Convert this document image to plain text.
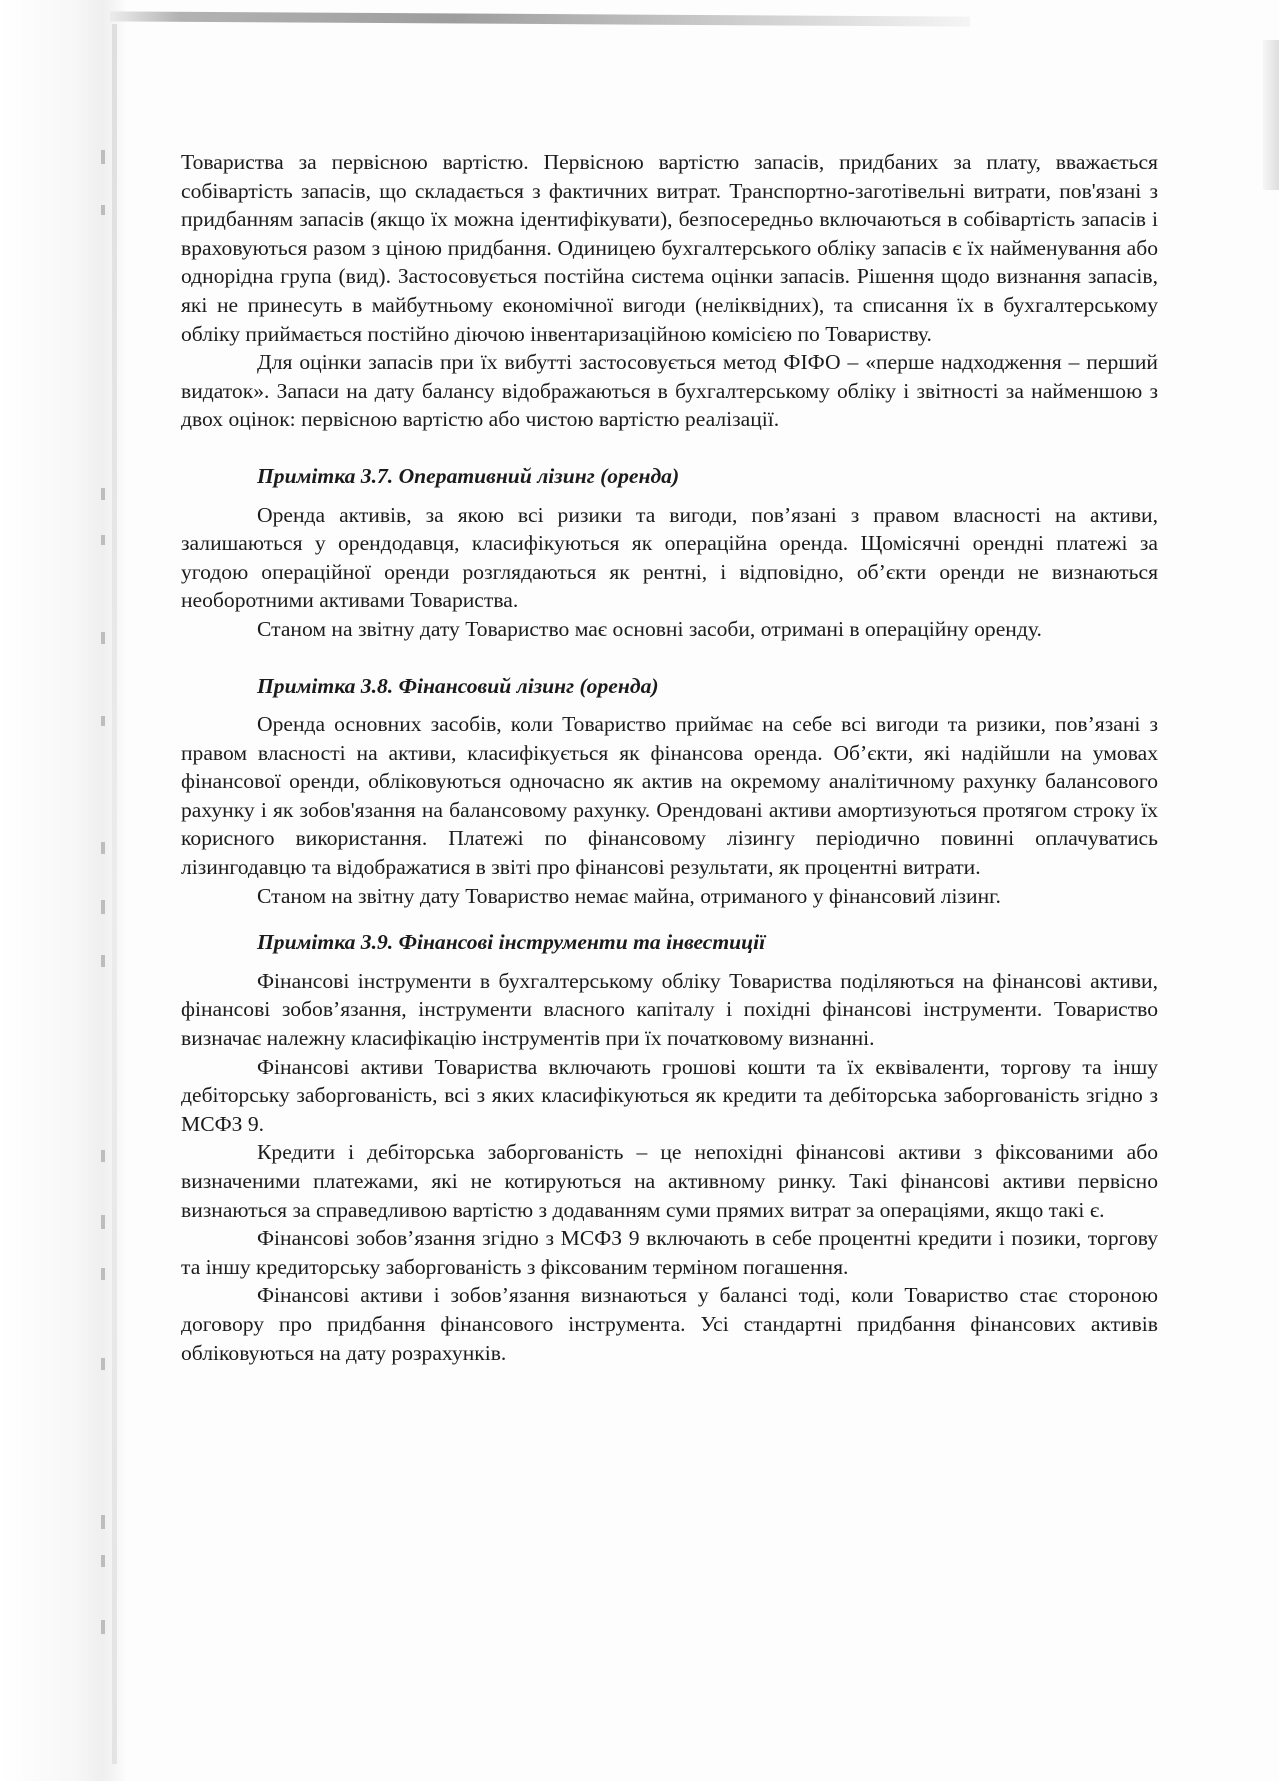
Товариства за первісною вартістю. Первісною вартістю запасів, придбаних за плату, вважається собівартість запасів, що складається з фактичних витрат. Транспортно-заготівельні витрати, пов'язані з придбанням запасів (якщо їх можна ідентифікувати), безпосередньо включаються в собівартість запасів і враховуються разом з ціною придбання. Одиницею бухгалтерського обліку запасів є їх найменування або однорідна група (вид). Застосовується постійна система оцінки запасів. Рішення щодо визнання запасів, які не принесуть в майбутньому економічної вигоди (неліквідних), та списання їх в бухгалтерському обліку приймається постійно діючою інвентаризаційною комісією по Товариству.

Для оцінки запасів при їх вибутті застосовується метод ФІФО – «перше надходження – перший видаток». Запаси на дату балансу відображаються в бухгалтерському обліку і звітності за найменшою з двох оцінок: первісною вартістю або чистою вартістю реалізації.

Примітка 3.7. Оперативний лізинг (оренда)

Оренда активів, за якою всі ризики та вигоди, пов’язані з правом власності на активи, залишаються у орендодавця, класифікуються як операційна оренда. Щомісячні орендні платежі за угодою операційної оренди розглядаються як рентні, і відповідно, об’єкти оренди не визнаються необоротними активами Товариства.

Станом на звітну дату Товариство має основні засоби, отримані в операційну оренду.

Примітка 3.8. Фінансовий лізинг (оренда)

Оренда основних засобів, коли Товариство приймає на себе всі вигоди та ризики, пов’язані з правом власності на активи, класифікується як фінансова оренда. Об’єкти, які надійшли на умовах фінансової оренди, обліковуються одночасно як актив на окремому аналітичному рахунку балансового рахунку і як зобов'язання на балансовому рахунку. Орендовані активи амортизуються протягом строку їх корисного використання. Платежі по фінансовому лізингу періодично повинні оплачуватись лізингодавцю та відображатися в звіті про фінансові результати, як процентні витрати.

Станом на звітну дату Товариство немає майна, отриманого у фінансовий лізинг.

Примітка 3.9. Фінансові інструменти та інвестиції

Фінансові інструменти в бухгалтерському обліку Товариства поділяються на фінансові активи, фінансові зобов’язання, інструменти власного капіталу і похідні фінансові інструменти. Товариство визначає належну класифікацію інструментів при їх початковому визнанні.

Фінансові активи Товариства включають грошові кошти та їх еквіваленти, торгову та іншу дебіторську заборгованість, всі з яких класифікуються як кредити та дебіторська заборгованість згідно з МСФЗ 9.

Кредити і дебіторська заборгованість – це непохідні фінансові активи з фіксованими або визначеними платежами, які не котируються на активному ринку. Такі фінансові активи первісно визнаються за справедливою вартістю з додаванням суми прямих витрат за операціями, якщо такі є.

Фінансові зобов’язання згідно з МСФЗ 9 включають в себе процентні кредити і позики, торгову та іншу кредиторську заборгованість з фіксованим терміном погашення.

Фінансові активи і зобов’язання визнаються у балансі тоді, коли Товариство стає стороною договору про придбання фінансового інструмента. Усі стандартні придбання фінансових активів обліковуються на дату розрахунків.
